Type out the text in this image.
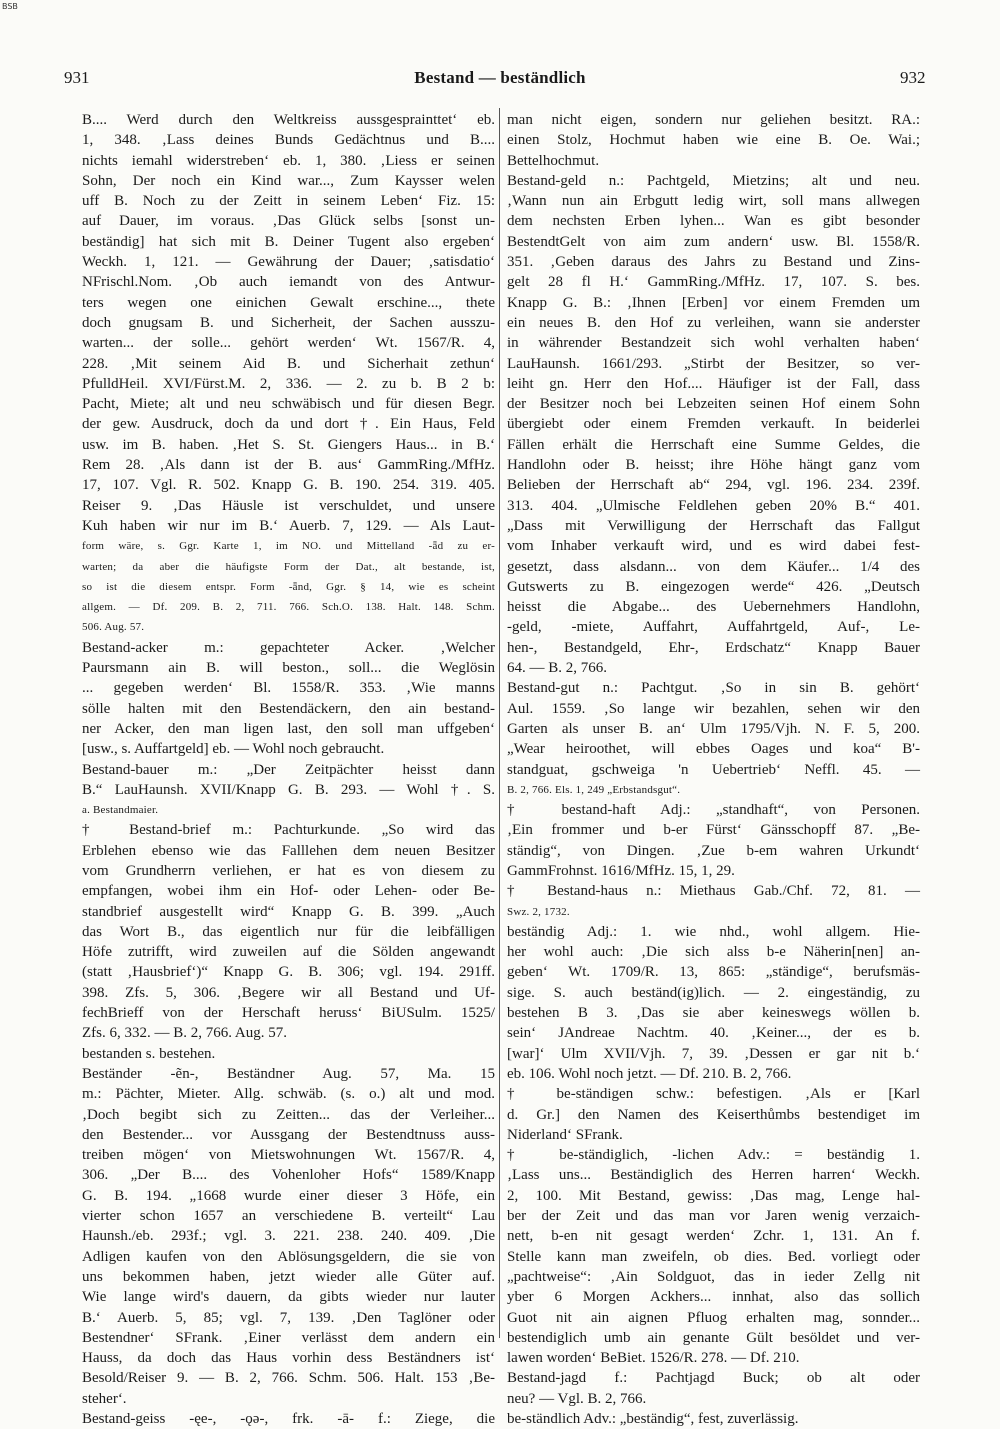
BSB
931	Bestand — beständlich	932
B.... Werd durch den Weltkreiss aussgesprainttet‘ eb.
1, 348. ‚Lass deines Bunds Gedächtnus und B....
nichts iemahl widerstreben‘ eb. 1, 380. ‚Liess er seinen
Sohn, Der noch ein Kind war..., Zum Kaysser welen
uff B. Noch zu der Zeitt in seinem Leben‘ Fiz. 15:
auf Dauer, im voraus. ‚Das Glück selbs [sonst un-
beständig] hat sich mit B. Deiner Tugent also ergeben‘
Weckh. 1, 121. — Gewährung der Dauer; ‚satisdatio‘
NFrischl.Nom. ‚Ob auch iemandt von des Antwur-
ters wegen one einichen Gewalt erschine..., thete
doch gnugsam B. und Sicherheit, der Sachen ausszu-
warten... der solle... gehört werden‘ Wt. 1567/R. 4,
228. ‚Mit seinem Aid B. und Sicherhait zethun‘
PfulldHeil. XVI/Fürst.M. 2, 336. — 2. zu b. B 2 b:
Pacht, Miete; alt und neu schwäbisch und für diesen Begr.
der gew. Ausdruck, doch da und dort †. Ein Haus, Feld
usw. im B. haben. ‚Het S. St. Giengers Haus... in B.‘
Rem 28. ‚Als dann ist der B. aus‘ GammRing./MfHz.
17, 107. Vgl. R. 502. Knapp G. B. 190. 254. 319. 405.
Reiser 9. ‚Das Häusle ist verschuldet, und unsere
Kuh haben wir nur im B.‘ Auerb. 7, 129. — Als Laut-
form wäre, s. Ggr. Karte 1, im NO. und Mittelland -ǟd zu er-
warten; da aber die häufigste Form der Dat., alt bestande, ist,
so ist die diesem entspr. Form -ǟnd, Ggr. § 14, wie es scheint
allgem. — Df. 209. B. 2, 711. 766. Sch.O. 138. Halt. 148. Schm.
506. Aug. 57.
Bestand-acker m.: gepachteter Acker. ‚Welcher
Paursmann ain B. will beston., soll... die Weglösin
... gegeben werden‘ Bl. 1558/R. 353. ‚Wie manns
sölle halten mit den Bestendäckern, den ain bestand-
ner Acker, den man ligen last, den soll man uffgeben‘
[usw., s. Auffartgeld] eb. — Wohl noch gebraucht.
Bestand-bauer m.: „Der Zeitpächter heisst dann
B.“ LauHaunsh. XVII/Knapp G. B. 293. — Wohl †. S.
a. Bestandmaier.
† Bestand-brief m.: Pachturkunde. „So wird das
Erblehen ebenso wie das Falllehen dem neuen Besitzer
vom Grundherrn verliehen, er hat es von diesem zu
empfangen, wobei ihm ein Hof- oder Lehen- oder Be-
standbrief ausgestellt wird“ Knapp G. B. 399. „Auch
das Wort B., das eigentlich nur für die leibfälligen
Höfe zutrifft, wird zuweilen auf die Sölden angewandt
(statt ‚Hausbrief‘)“ Knapp G. B. 306; vgl. 194. 291ff.
398. Zfs. 5, 306. ‚Begere wir all Bestand und Uf-
fechBrieff von der Herschaft heruss‘ BiUSulm. 1525/
Zfs. 6, 332. — B. 2, 766. Aug. 57.
bestanden s. bestehen.
Beständer -ẽn-, Beständner Aug. 57, Ma. 15
m.: Pächter, Mieter. Allg. schwäb. (s. o.) alt und mod.
‚Doch begibt sich zu Zeitten... das der Verleiher...
den Bestender... vor Aussgang der Bestendtnuss auss-
treiben mögen‘ von Mietswohnungen Wt. 1567/R. 4,
306. „Der B.... des Vohenloher Hofs“ 1589/Knapp
G. B. 194. „1668 wurde einer dieser 3 Höfe, ein
vierter schon 1657 an verschiedene B. verteilt“ Lau
Haunsh./eb. 293f.; vgl. 3. 221. 238. 240. 409. ‚Die
Adligen kaufen von den Ablösungsgeldern, die sie von
uns bekommen haben, jetzt wieder alle Güter auf.
Wie lange wird's dauern, da gibts wieder nur lauter
B.‘ Auerb. 5, 85; vgl. 7, 139. ‚Den Taglöner oder
Bestendner‘ SFrank. ‚Einer verlässt dem andern ein
Hauss, da doch das Haus vorhin dess Beständners ist‘
Besold/Reiser 9. — B. 2, 766. Schm. 506. Halt. 153 ‚Be-
steher‘.
Bestand-geiss -ęe-, -ǫə-, frk. -ā- f.: Ziege, die
man nicht eigen, sondern nur geliehen besitzt. RA.:
einen Stolz, Hochmut haben wie eine B. Oe. Wai.;
Bettelhochmut.
Bestand-geld n.: Pachtgeld, Mietzins; alt und neu.
‚Wann nun ain Erbgutt ledig wirt, soll mans allwegen
dem nechsten Erben lyhen... Wan es gibt besonder
BestendtGelt von aim zum andern‘ usw. Bl. 1558/R.
351. ‚Geben daraus des Jahrs zu Bestand und Zins-
gelt 28 fl H.‘ GammRing./MfHz. 17, 107. S. bes.
Knapp G. B.: ‚Ihnen [Erben] vor einem Fremden um
ein neues B. den Hof zu verleihen, wann sie anderster
in währender Bestandzeit sich wohl verhalten haben‘
LauHaunsh. 1661/293. „Stirbt der Besitzer, so ver-
leiht gn. Herr den Hof.... Häufiger ist der Fall, dass
der Besitzer noch bei Lebzeiten seinen Hof einem Sohn
übergiebt oder einem Fremden verkauft. In beiderlei
Fällen erhält die Herrschaft eine Summe Geldes, die
Handlohn oder B. heisst; ihre Höhe hängt ganz vom
Belieben der Herrschaft ab“ 294, vgl. 196. 234. 239f.
313. 404. „Ulmische Feldlehen geben 20% B.“ 401.
„Dass mit Verwilligung der Herrschaft das Fallgut
vom Inhaber verkauft wird, und es wird dabei fest-
gesetzt, dass alsdann... von dem Käufer... 1/4 des
Gutswerts zu B. eingezogen werde“ 426. „Deutsch
heisst die Abgabe... des Uebernehmers Handlohn,
-geld, -miete, Auffahrt, Auffahrtgeld, Auf-, Le-
hen-, Bestandgeld, Ehr-, Erdschatz“ Knapp Bauer
64. — B. 2, 766.
Bestand-gut n.: Pachtgut. ‚So in sin B. gehört‘
Aul. 1559. ‚So lange wir bezahlen, sehen wir den
Garten als unser B. an‘ Ulm 1795/Vjh. N. F. 5, 200.
„Wear heiroothet, will ebbes Oages und koa“ B'-
standguat, gschweiga 'n Uebertrieb‘ Neffl. 45. —
B. 2, 766. Els. 1, 249 „Erbstandsgut“.
† bestand-haft Adj.: „standhaft“, von Personen.
‚Ein frommer und b-er Fürst‘ Gänsschopff 87. „Be-
ständig“, von Dingen. ‚Zue b-em wahren Urkundt‘
GammFrohnst. 1616/MfHz. 15, 1, 29.
† Bestand-haus n.: Miethaus Gab./Chf. 72, 81. —
Swz. 2, 1732.
beständig Adj.: 1. wie nhd., wohl allgem. Hie-
her wohl auch: ‚Die sich alss b-e Näherin[nen] an-
geben‘ Wt. 1709/R. 13, 865: „ständige“, berufsmäs-
sige. S. auch beständ(ig)lich. — 2. eingeständig, zu
bestehen B 3. ‚Das sie aber keineswegs wöllen b.
sein‘ JAndreae Nachtm. 40. ‚Keiner..., der es b.
[war]‘ Ulm XVII/Vjh. 7, 39. ‚Dessen er gar nit b.‘
eb. 106. Wohl noch jetzt. — Df. 210. B. 2, 766.
† be-ständigen schw.: befestigen. ‚Als er [Karl
d. Gr.] den Namen des Keiserthůmbs bestendiget im
Niderland‘ SFrank.
† be-ständiglich, -lichen Adv.: = beständig 1.
‚Lass uns... Beständiglich des Herren harren‘ Weckh.
2, 100. Mit Bestand, gewiss: ‚Das mag, Lenge hal-
ber der Zeit und das man vor Jaren wenig verzaich-
nett, b-en nit gesagt werden‘ Zchr. 1, 131. An f.
Stelle kann man zweifeln, ob dies. Bed. vorliegt oder
„pachtweise“: ‚Ain Soldguot, das in ieder Zellg nit
yber 6 Morgen Ackhers... innhat, also das sollich
Guot nit ain aignen Pfluog erhalten mag, sonnder...
bestendiglich umb ain genante Gült besöldet und ver-
lawen worden‘ BeBiet. 1526/R. 278. — Df. 210.
Bestand-jagd f.: Pachtjagd Buck; ob alt oder
neu? — Vgl. B. 2, 766.
be-ständlich Adv.: „beständig“, fest, zuverlässig.
